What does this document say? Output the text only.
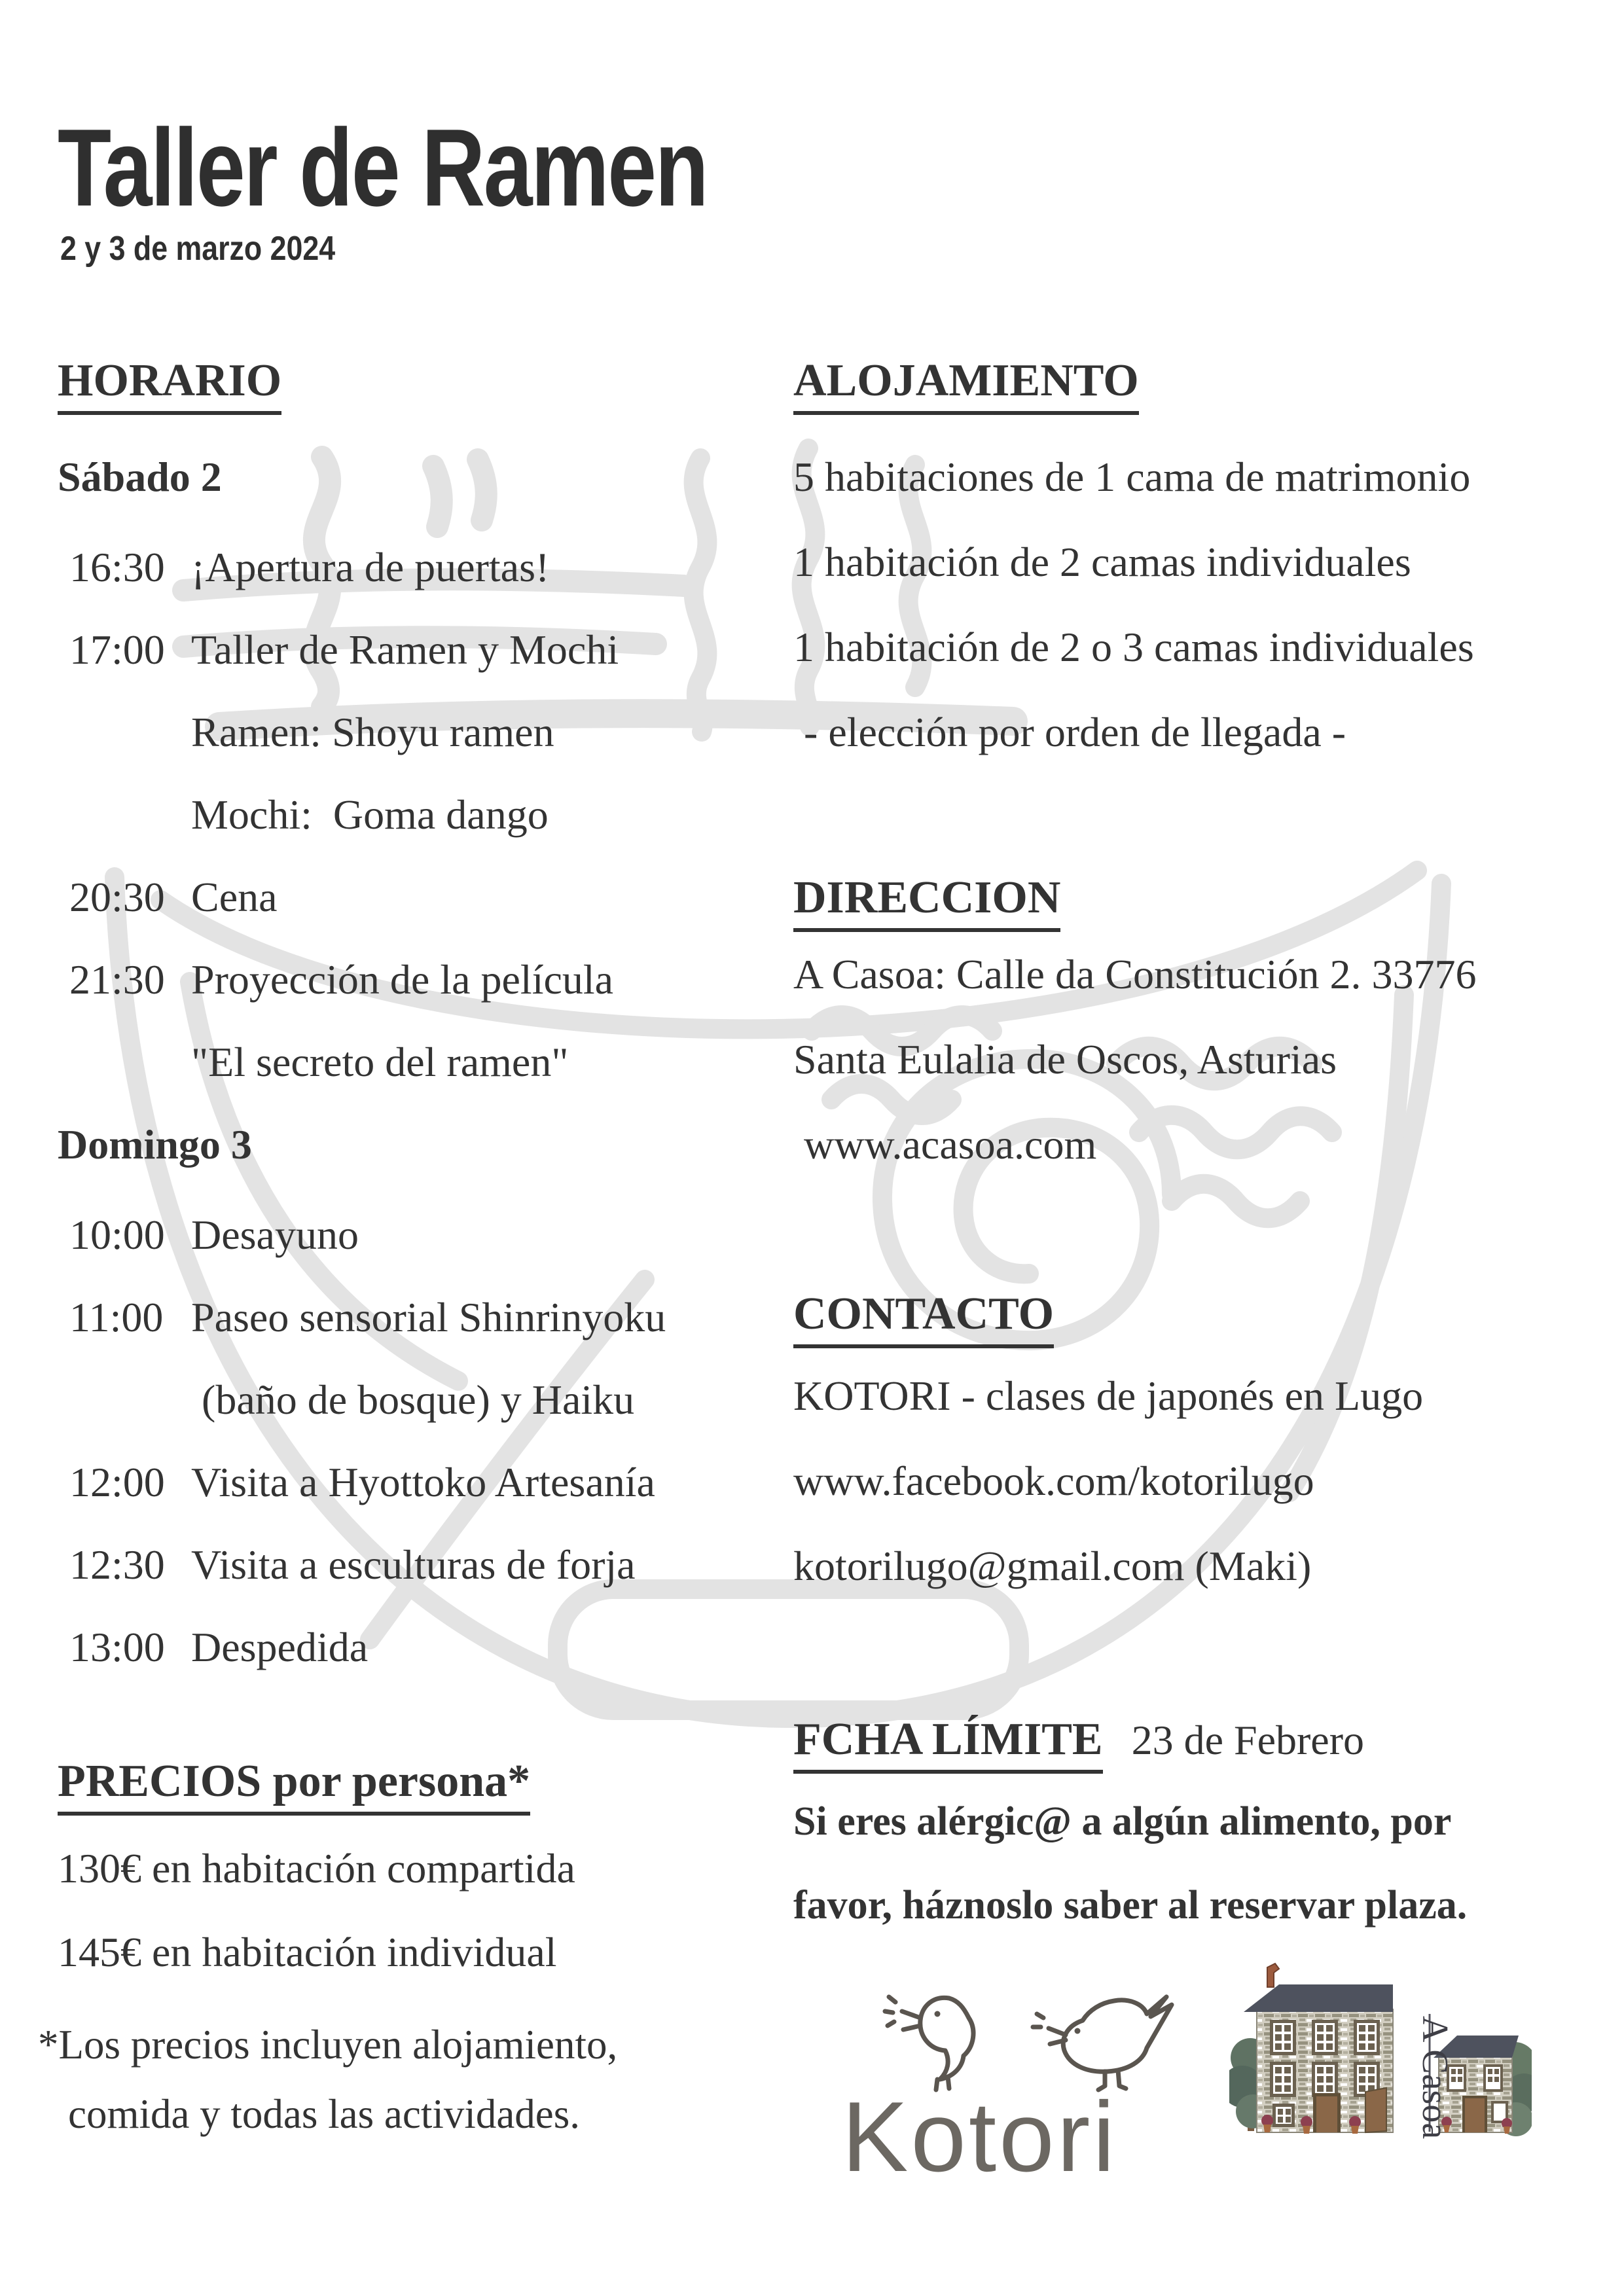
Taller de Ramen
2 y 3 de marzo 2024
HORARIO
Sábado 2
16:30 ¡Apertura de puertas!
17:00 Taller de Ramen y Mochi
Ramen: Shoyu ramen
Mochi:  Goma dango
20:30 Cena
21:30 Proyección de la película
"El secreto del ramen"
Domingo 3
10:00 Desayuno
11:00 Paseo sensorial Shinrinyoku
(baño de bosque) y Haiku
12:00 Visita a Hyottoko Artesanía
12:30 Visita a esculturas de forja
13:00 Despedida
PRECIOS por persona*
130€ en habitación compartida
145€ en habitación individual
*Los precios incluyen alojamiento,
comida y todas las actividades.
ALOJAMIENTO
5 habitaciones de 1 cama de matrimonio
1 habitación de 2 camas individuales
1 habitación de 2 o 3 camas individuales
- elección por orden de llegada -
DIRECCION
A Casoa: Calle da Constitución 2. 33776
Santa Eulalia de Oscos, Asturias
www.acasoa.com
CONTACTO
KOTORI - clases de japonés en Lugo
www.facebook.com/kotorilugo
kotorilugo@gmail.com (Maki)
FCHA LÍMITE 23 de Febrero
Si eres alérgic@ a algún alimento, por
favor, háznoslo saber al reservar plaza.
Kotori	A Casoa
